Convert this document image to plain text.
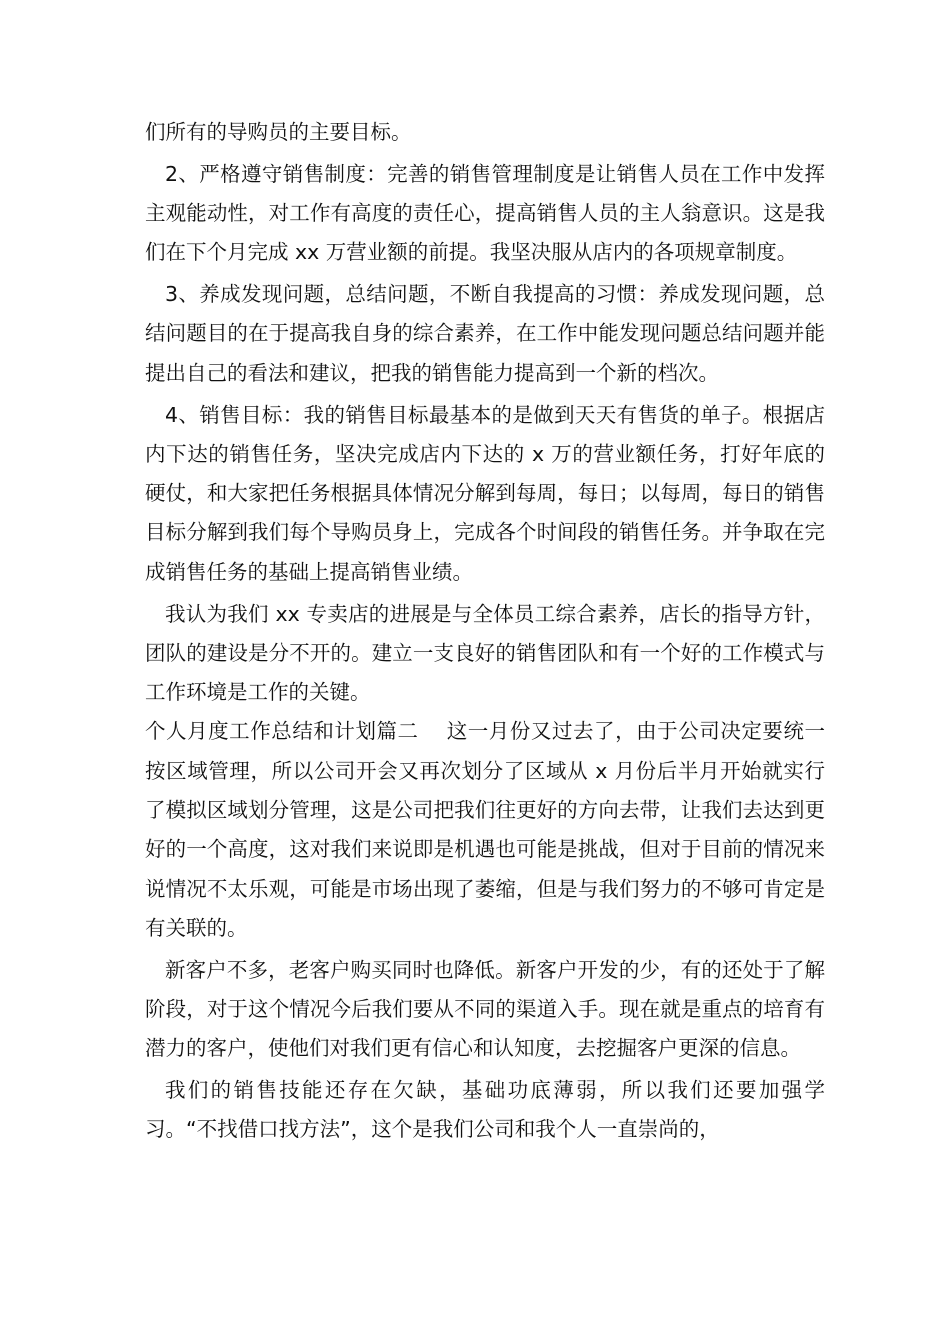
们所有的导购员的主要目标。

2、严格遵守销售制度：完善的销售管理制度是让销售人员在工作中发挥主观能动性，对工作有高度的责任心，提高销售人员的主人翁意识。这是我们在下个月完成 xx 万营业额的前提。我坚决服从店内的各项规章制度。

3、养成发现问题，总结问题，不断自我提高的习惯：养成发现问题，总结问题目的在于提高我自身的综合素养，在工作中能发现问题总结问题并能提出自己的看法和建议，把我的销售能力提高到一个新的档次。

4、销售目标：我的销售目标最基本的是做到天天有售货的单子。根据店内下达的销售任务，坚决完成店内下达的 x 万的营业额任务，打好年底的硬仗，和大家把任务根据具体情况分解到每周，每日；以每周，每日的销售目标分解到我们每个导购员身上，完成各个时间段的销售任务。并争取在完成销售任务的基础上提高销售业绩。

我认为我们 xx 专卖店的进展是与全体员工综合素养，店长的指导方针，团队的建设是分不开的。建立一支良好的销售团队和有一个好的工作模式与工作环境是工作的关键。

个人月度工作总结和计划篇二　 这一月份又过去了，由于公司决定要统一按区域管理，所以公司开会又再次划分了区域从 x 月份后半月开始就实行了模拟区域划分管理，这是公司把我们往更好的方向去带，让我们去达到更好的一个高度，这对我们来说即是机遇也可能是挑战，但对于目前的情况来说情况不太乐观，可能是市场出现了萎缩，但是与我们努力的不够可肯定是有关联的。

新客户不多，老客户购买同时也降低。新客户开发的少，有的还处于了解阶段，对于这个情况今后我们要从不同的渠道入手。现在就是重点的培育有潜力的客户，使他们对我们更有信心和认知度，去挖掘客户更深的信息。

我们的销售技能还存在欠缺，基础功底薄弱，所以我们还要加强学习。“不找借口找方法”，这个是我们公司和我个人一直崇尚的，
